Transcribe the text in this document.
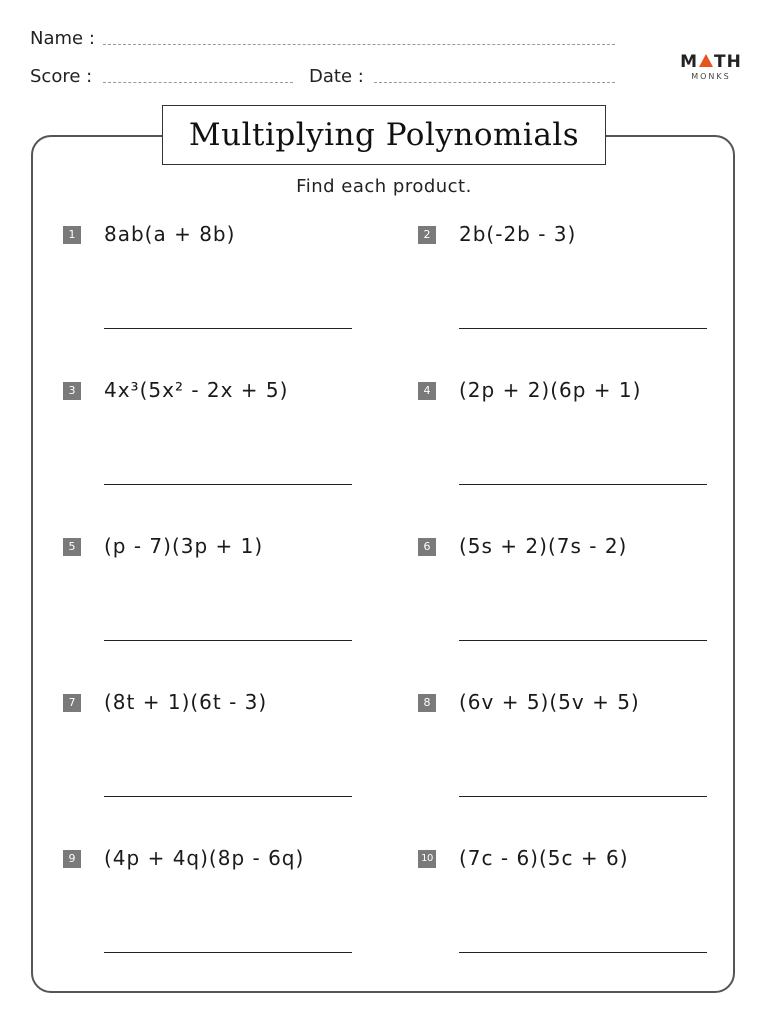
Name :
Score :	Date :
M TH
MONKS
Multiplying Polynomials
Find each product.
1 8ab(a + 8b)	2 2b(-2b - 3)
3 4x³(5x² - 2x + 5)	4 (2p + 2)(6p + 1)
5 (p - 7)(3p + 1)	6 (5s + 2)(7s - 2)
7 (8t + 1)(6t - 3)	8 (6v + 5)(5v + 5)
9 (4p + 4q)(8p - 6q)	10 (7c - 6)(5c + 6)
